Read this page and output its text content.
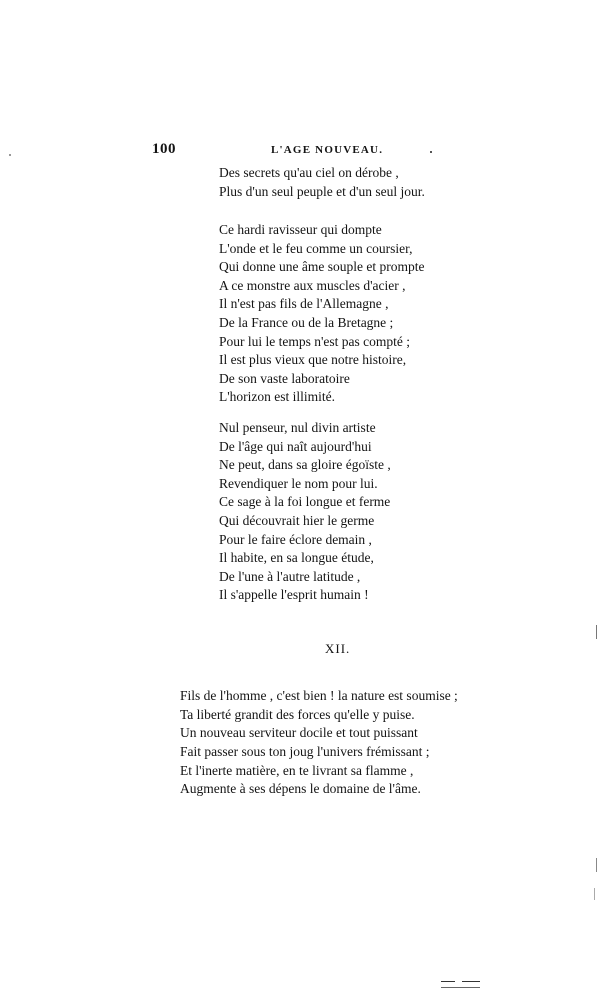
100	L'AGE NOUVEAU.
Des secrets qu'au ciel on dérobe ,
Plus d'un seul peuple et d'un seul jour.
Ce hardi ravisseur qui dompte
L'onde et le feu comme un coursier,
Qui donne une âme souple et prompte
A ce monstre aux muscles d'acier ,
Il n'est pas fils de l'Allemagne ,
De la France ou de la Bretagne ;
Pour lui le temps n'est pas compté ;
Il est plus vieux que notre histoire,
De son vaste laboratoire
L'horizon est illimité.
Nul penseur, nul divin artiste
De l'âge qui naît aujourd'hui
Ne peut, dans sa gloire égoïste ,
Revendiquer le nom pour lui.
Ce sage à la foi longue et ferme
Qui découvrait hier le germe
Pour le faire éclore demain ,
Il habite, en sa longue étude,
De l'une à l'autre latitude ,
Il s'appelle l'esprit humain !
XII.
Fils de l'homme , c'est bien ! la nature est soumise ;
Ta liberté grandit des forces qu'elle y puise.
Un nouveau serviteur docile et tout puissant
Fait passer sous ton joug l'univers frémissant ;
Et l'inerte matière, en te livrant sa flamme ,
Augmente à ses dépens le domaine de l'âme.
